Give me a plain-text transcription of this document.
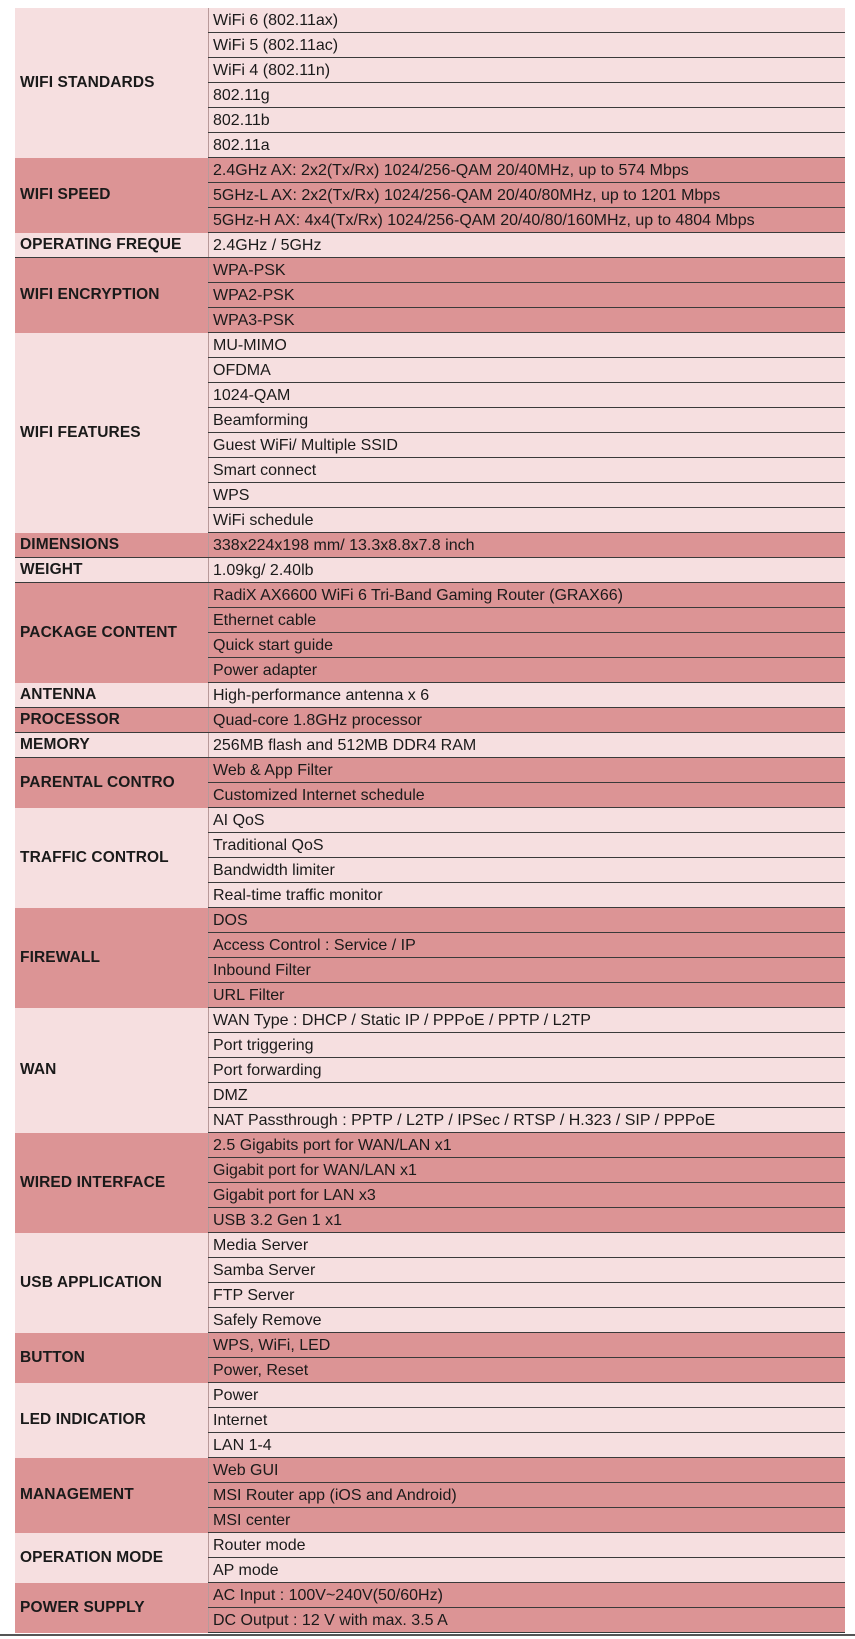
WIFI STANDARDS	WiFi 6 (802.11ax)
	WiFi 5 (802.11ac)
	WiFi 4 (802.11n)
	802.11g
	802.11b
	802.11a
WIFI SPEED	2.4GHz AX: 2x2(Tx/Rx) 1024/256-QAM 20/40MHz, up to 574 Mbps
	5GHz-L AX: 2x2(Tx/Rx) 1024/256-QAM 20/40/80MHz, up to 1201 Mbps
	5GHz-H AX: 4x4(Tx/Rx) 1024/256-QAM 20/40/80/160MHz, up to 4804 Mbps
OPERATING FREQUE	2.4GHz / 5GHz
WIFI ENCRYPTION	WPA-PSK
	WPA2-PSK
	WPA3-PSK
WIFI FEATURES	MU-MIMO
	OFDMA
	1024-QAM
	Beamforming
	Guest WiFi/ Multiple SSID
	Smart connect
	WPS
	WiFi schedule
DIMENSIONS	338x224x198 mm/ 13.3x8.8x7.8 inch
WEIGHT	1.09kg/ 2.40lb
PACKAGE CONTENT	RadiX AX6600 WiFi 6 Tri-Band Gaming Router (GRAX66)
	Ethernet cable
	Quick start guide
	Power adapter
ANTENNA	High-performance antenna x 6
PROCESSOR	Quad-core 1.8GHz processor
MEMORY	256MB flash and 512MB DDR4 RAM
PARENTAL CONTRO	Web & App Filter
	Customized Internet schedule
TRAFFIC CONTROL	AI QoS
	Traditional QoS
	Bandwidth limiter
	Real-time traffic monitor
FIREWALL	DOS
	Access Control : Service / IP
	Inbound Filter
	URL Filter
WAN	WAN Type : DHCP / Static IP / PPPoE / PPTP / L2TP
	Port triggering
	Port forwarding
	DMZ
	NAT Passthrough : PPTP / L2TP / IPSec / RTSP / H.323 / SIP / PPPoE
WIRED INTERFACE	2.5 Gigabits port for WAN/LAN x1
	Gigabit port for WAN/LAN x1
	Gigabit port for LAN x3
	USB 3.2 Gen 1 x1
USB APPLICATION	Media Server
	Samba Server
	FTP Server
	Safely Remove
BUTTON	WPS, WiFi, LED
	Power, Reset
LED INDICATIOR	Power
	Internet
	LAN 1-4
MANAGEMENT	Web GUI
	MSI Router app (iOS and Android)
	MSI center
OPERATION MODE	Router mode
	AP mode
POWER SUPPLY	AC Input : 100V~240V(50/60Hz)
	DC Output : 12 V with max. 3.5 A
